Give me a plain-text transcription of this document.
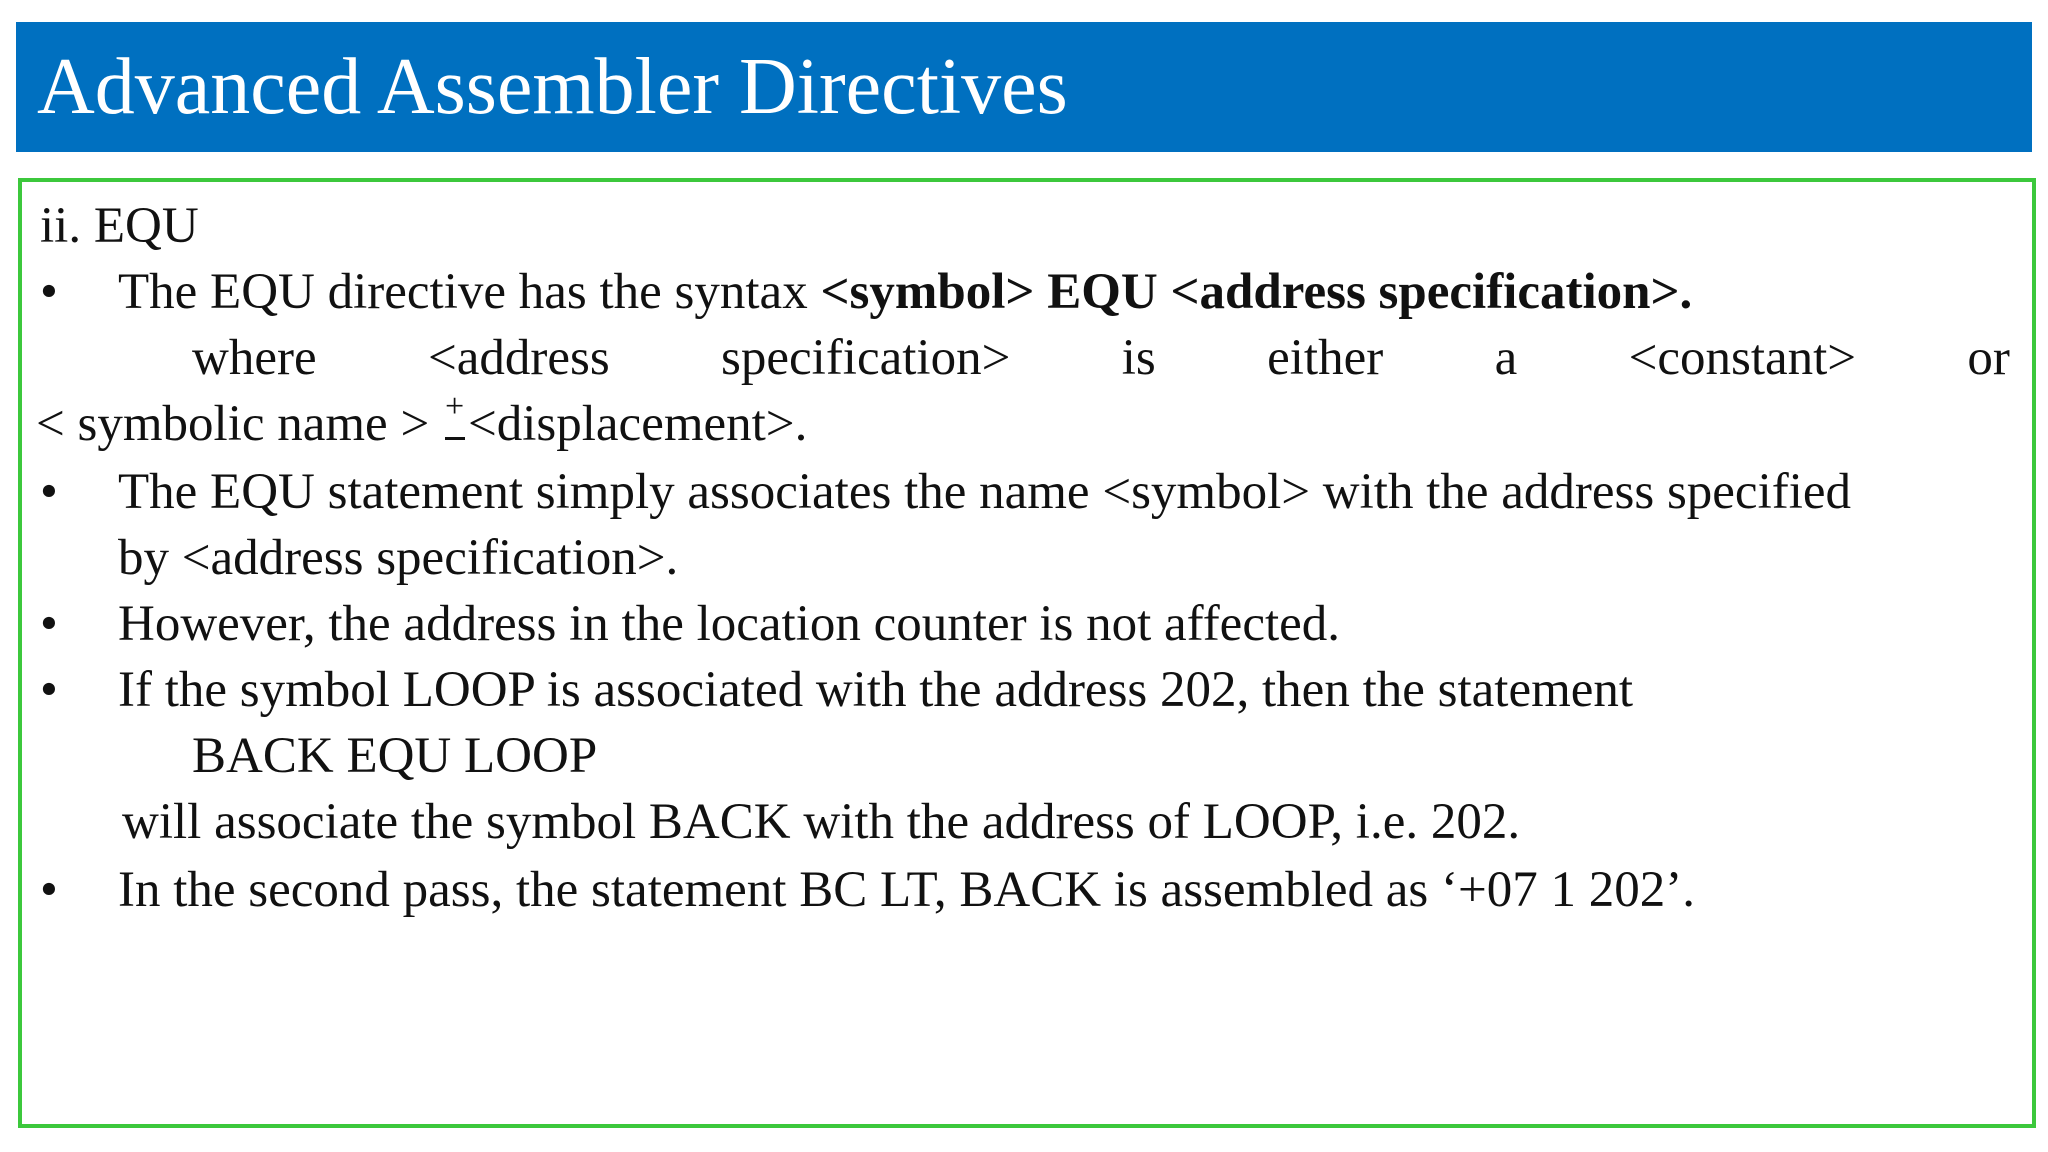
Advanced Assembler Directives
ii. EQU
• The EQU directive has the syntax <symbol> EQU <address specification>.
where <address specification> is either a <constant> or
< symbolic name > + <displacement>.
• The EQU statement simply associates the name <symbol> with the address specified
by <address specification>.
• However, the address in the location counter is not affected.
• If the symbol LOOP is associated with the address 202, then the statement
BACK EQU LOOP
will associate the symbol BACK with the address of LOOP, i.e. 202.
• In the second pass, the statement BC LT, BACK is assembled as ‘+07 1 202’.
